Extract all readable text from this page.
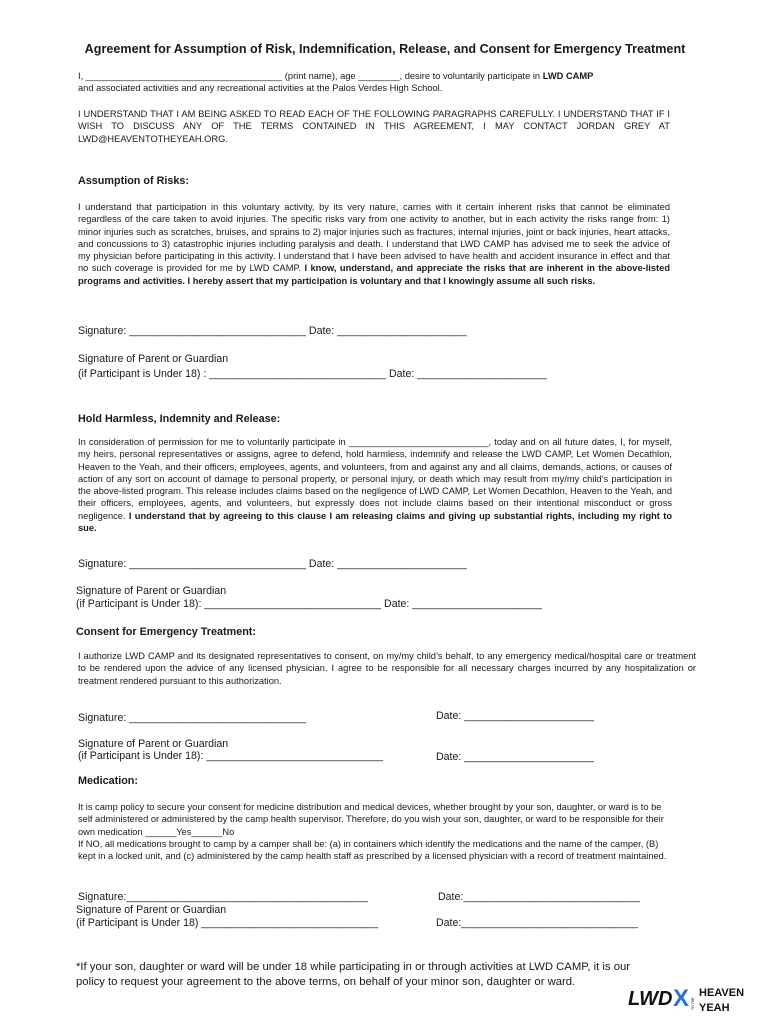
Agreement for Assumption of Risk, Indemnification, Release, and Consent for Emergency Treatment
I, ______________________________________ (print name), age ________, desire to voluntarily participate in LWD CAMP
and associated activities and any recreational activities at the Palos Verdes High School.
I UNDERSTAND THAT I AM BEING ASKED TO READ EACH OF THE FOLLOWING PARAGRAPHS CAREFULLY. I UNDERSTAND THAT IF I WISH TO DISCUSS ANY OF THE TERMS CONTAINED IN THIS AGREEMENT, I MAY CONTACT JORDAN GREY AT LWD@HEAVENTOTHEYEAH.ORG.
Assumption of Risks:
I understand that participation in this voluntary activity, by its very nature, carries with it certain inherent risks that cannot be eliminated regardless of the care taken to avoid injuries. The specific risks vary from one activity to another, but in each activity the risks range from: 1) minor injuries such as scratches, bruises, and sprains to 2) major injuries such as fractures, internal injuries, joint or back injuries, heart attacks, and concussions to 3) catastrophic injuries including paralysis and death. I understand that LWD CAMP has advised me to seek the advice of my physician before participating in this activity. I understand that I have been advised to have health and accident insurance in effect and that no such coverage is provided for me by LWD CAMP. I know, understand, and appreciate the risks that are inherent in the above-listed programs and activities. I hereby assert that my participation is voluntary and that I knowingly assume all such risks.
Signature: ______________________________ Date: ______________________
Signature of Parent or Guardian
(if Participant is Under 18) : ______________________________ Date: ______________________
Hold Harmless, Indemnity and Release:
In consideration of permission for me to voluntarily participate in ___________________________, today and on all future dates, I, for myself, my heirs, personal representatives or assigns, agree to defend, hold harmless, indemnify and release the LWD CAMP, Let Women Decathlon, Heaven to the Yeah, and their officers, employees, agents, and volunteers, from and against any and all claims, demands, actions, or causes of action of any sort on account of damage to personal property, or personal injury, or death which may result from my/my child’s participation in the above-listed program. This release includes claims based on the negligence of LWD CAMP, Let Women Decathlon, Heaven to the Yeah, and their officers, employees, agents, and volunteers, but expressly does not include claims based on their intentional misconduct or gross negligence. I understand that by agreeing to this clause I am releasing claims and giving up substantial rights, including my right to sue.
Signature: ______________________________ Date: ______________________
Signature of Parent or Guardian
(if Participant is Under 18): ______________________________ Date: ______________________
Consent for Emergency Treatment:
I authorize LWD CAMP and its designated representatives to consent, on my/my child’s behalf, to any emergency medical/hospital care or treatment to be rendered upon the advice of any licensed physician. I agree to be responsible for all necessary charges incurred by any hospitalization or treatment rendered pursuant to this authorization.
Signature: ______________________________	Date: ______________________
Signature of Parent or Guardian
(if Participant is Under 18): ______________________________	Date: ______________________
Medication:
It is camp policy to secure your consent for medicine distribution and medical devices, whether brought by your son, daughter, or ward is to be self administered or administered by the camp health supervisor. Therefore, do you wish your son, daughter, or ward to be responsible for their own medication ______Yes______No
If NO, all medications brought to camp by a camper shall be: (a) in containers which identify the medications and the name of the camper, (B) kept in a locked unit, and (c) administered by the camp health staff as prescribed by a licensed physician with a record of treatment maintained.
Signature:_________________________________________	Date:______________________________
Signature of Parent or Guardian
(if Participant is Under 18) ______________________________	Date:______________________________
*If your son, daughter or ward will be under 18 while participating in or through activities at LWD CAMP, it is our policy to request your agreement to the above terms, on behalf of your minor son, daughter or ward.
LWD X HEAVEN
YEAH
TO THE
